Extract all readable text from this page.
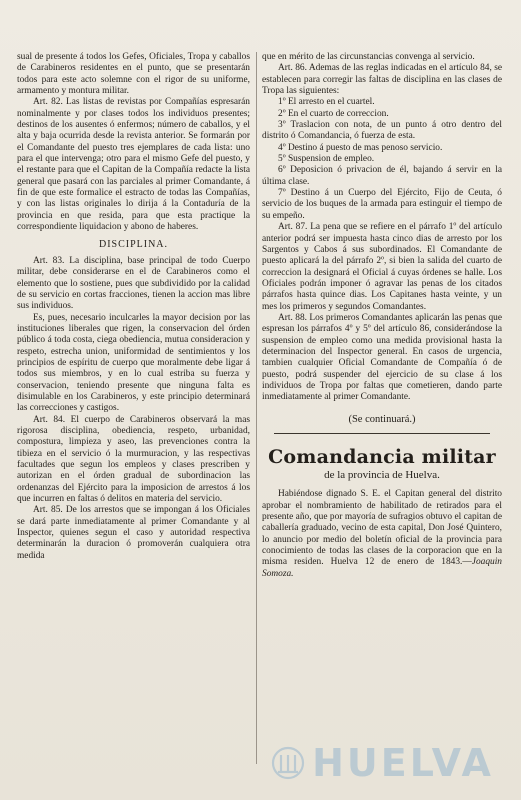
sual de presente á todos los Gefes, Oficiales, Tropa y caballos de Carabineros residentes en el punto, que se presentarán todos para este acto solemne con el rigor de su uniforme, armamento y montura militar.

Art. 82. Las listas de revistas por Compañías espresarán nominalmente y por clases todos los individuos presentes; destinos de los ausentes ó enfermos; número de caballos, y el alta y baja ocurrida desde la revista anterior. Se formarán por el Comandante del puesto tres ejemplares de cada lista: uno para el que intervenga; otro para el mismo Gefe del puesto, y el restante para que el Capitan de la Compañía redacte la lista general que pasará con las parciales al primer Comandante, á fin de que este formalice el estracto de todas las Compañías, y con las listas originales lo dirija á la Contaduría de la provincia en que resida, para que esta practique la correspondiente liquidacion y abono de haberes.

DISCIPLINA.

Art. 83. La disciplina, base principal de todo Cuerpo militar, debe considerarse en el de Carabineros como el elemento que lo sostiene, pues que subdividido por la calidad de su servicio en cortas fracciones, tienen la accion mas libre sus individuos.

Es, pues, necesario inculcarles la mayor decision por las instituciones liberales que rigen, la conservacion del órden público á toda costa, ciega obediencia, mutua consideracion y respeto, estrecha union, uniformidad de sentimientos y los principios de espíritu de cuerpo que moralmente debe ligar á todos sus miembros, y en lo cual estriba su fuerza y conservacion, teniendo presente que ninguna falta es disimulable en los Carabineros, y este principio determinará las correcciones y castigos.

Art. 84. El cuerpo de Carabineros observará la mas rigorosa disciplina, obediencia, respeto, urbanidad, compostura, limpieza y aseo, las prevenciones contra la tibieza en el servicio ó la murmuracion, y las respectivas facultades que segun los empleos y clases prescriben y autorizan en el órden gradual de subordinacion las ordenanzas del Ejército para la imposicion de arrestos á los que incurren en faltas ó delitos en materia del servicio.

Art. 85. De los arrestos que se impongan á los Oficiales se dará parte inmediatamente al primer Comandante y al Inspector, quienes segun el caso y autoridad respectiva determinarán la duracion ó promoverán cualquiera otra medida

que en mérito de las circunstancias convenga al servicio.

Art. 86. Ademas de las reglas indicadas en el artículo 84, se establecen para corregir las faltas de disciplina en las clases de Tropa las siguientes:

1º El arresto en el cuartel.

2º En el cuarto de correccion.

3º Traslacion con nota, de un punto á otro dentro del distrito ó Comandancia, ó fuerza de esta.

4º Destino á puesto de mas penoso servicio.

5º Suspension de empleo.

6º Deposicion ó privacion de él, bajando á servir en la última clase.

7º Destino á un Cuerpo del Ejército, Fijo de Ceuta, ó servicio de los buques de la armada para estinguir el tiempo de su empeño.

Art. 87. La pena que se refiere en el párrafo 1º del artículo anterior podrá ser impuesta hasta cinco dias de arresto por los Sargentos y Cabos á sus subordinados. El Comandante de puesto aplicará la del párrafo 2º, si bien la salida del cuarto de correccion la designará el Oficial á cuyas órdenes se halle. Los Oficiales podrán imponer ó agravar las penas de los citados párrafos hasta quince dias. Los Capitanes hasta veinte, y un mes los primeros y segundos Comandantes.

Art. 88. Los primeros Comandantes aplicarán las penas que espresan los párrafos 4º y 5º del artículo 86, considerándose la suspension de empleo como una medida provisional hasta la determinacion del Inspector general. En casos de urgencia, tambien cualquier Oficial Comandante de Compañía ó de puesto, podrá suspender del ejercicio de su clase á los individuos de Tropa por faltas que cometieren, dando parte inmediatamente al primer Comandante.

(Se continuará.)
Comandancia militar
de la provincia de Huelva.

Habiéndose dignado S. E. el Capitan general del distrito aprobar el nombramiento de habilitado de retirados para el presente año, que por mayoría de sufragios obtuvo el capitan de caballería graduado, vecino de esta capital, Don José Quintero, lo anuncio por medio del boletín oficial de la provincia para conocimiento de todas las clases de la corporacion que en la misma residen. Huelva 12 de enero de 1843.—Joaquin Somoza.

HUELVA
